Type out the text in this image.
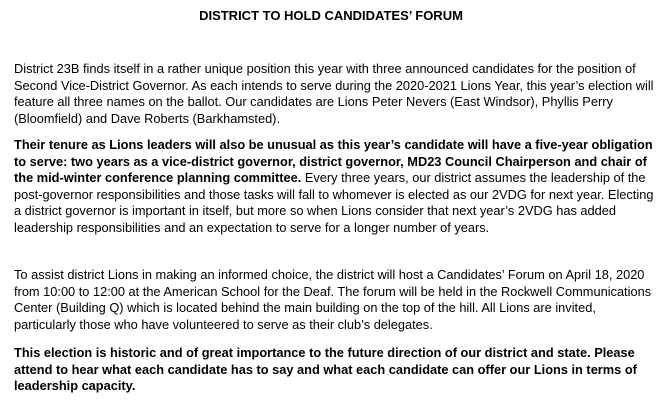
DISTRICT TO HOLD CANDIDATES’ FORUM

District 23B finds itself in a rather unique position this year with three announced candidates for the position of Second Vice-District Governor. As each intends to serve during the 2020-2021 Lions Year, this year’s election will feature all three names on the ballot. Our candidates are Lions Peter Nevers (East Windsor), Phyllis Perry (Bloomfield) and Dave Roberts (Barkhamsted).

Their tenure as Lions leaders will also be unusual as this year’s candidate will have a five-year obligation to serve: two years as a vice-district governor, district governor, MD23 Council Chairperson and chair of the mid-winter conference planning committee. Every three years, our district assumes the leadership of the post-governor responsibilities and those tasks will fall to whomever is elected as our 2VDG for next year. Electing a district governor is important in itself, but more so when Lions consider that next year’s 2VDG has added leadership responsibilities and an expectation to serve for a longer number of years.

To assist district Lions in making an informed choice, the district will host a Candidates’ Forum on April 18, 2020 from 10:00 to 12:00 at the American School for the Deaf. The forum will be held in the Rockwell Communications Center (Building Q) which is located behind the main building on the top of the hill. All Lions are invited, particularly those who have volunteered to serve as their club’s delegates.

This election is historic and of great importance to the future direction of our district and state. Please attend to hear what each candidate has to say and what each candidate can offer our Lions in terms of leadership capacity.
